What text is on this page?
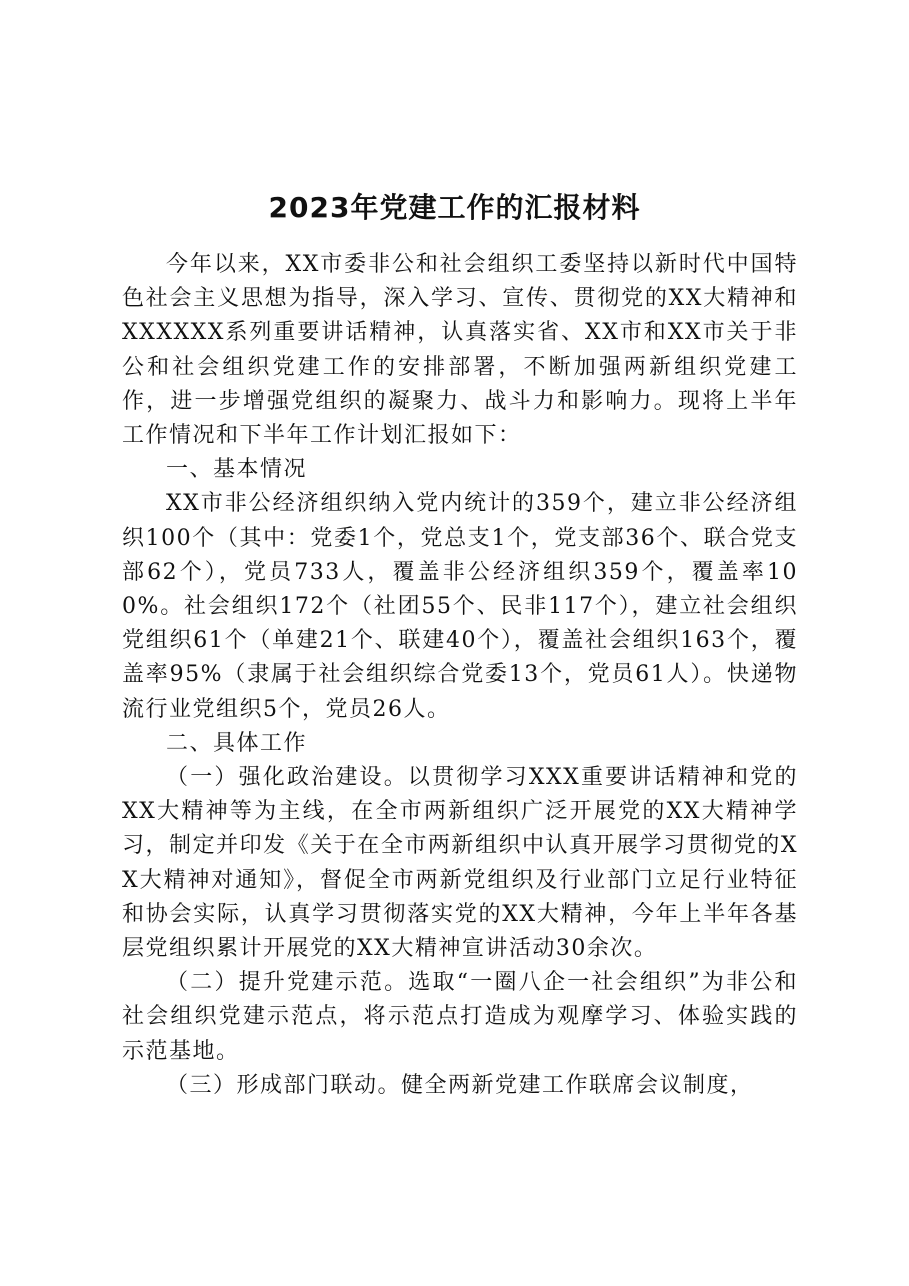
2023年党建工作的汇报材料

今年以来，XX市委非公和社会组织工委坚持以新时代中国特色社会主义思想为指导，深入学习、宣传、贯彻党的XX大精神和XXXXXX系列重要讲话精神，认真落实省、XX市和XX市关于非公和社会组织党建工作的安排部署，不断加强两新组织党建工作，进一步增强党组织的凝聚力、战斗力和影响力。现将上半年工作情况和下半年工作计划汇报如下：

一、基本情况

XX市非公经济组织纳入党内统计的359个，建立非公经济组织100个（其中：党委1个，党总支1个，党支部36个、联合党支部62个），党员733人，覆盖非公经济组织359个，覆盖率100%。社会组织172个（社团55个、民非117个），建立社会组织党组织61个（单建21个、联建40个），覆盖社会组织163个，覆盖率95%（隶属于社会组织综合党委13个，党员61人）。快递物流行业党组织5个，党员26人。

二、具体工作

（一）强化政治建设。以贯彻学习XXX重要讲话精神和党的XX大精神等为主线，在全市两新组织广泛开展党的XX大精神学习，制定并印发《关于在全市两新组织中认真开展学习贯彻党的XX大精神对通知》，督促全市两新党组织及行业部门立足行业特征和协会实际，认真学习贯彻落实党的XX大精神，今年上半年各基层党组织累计开展党的XX大精神宣讲活动30余次。

（二）提升党建示范。选取“一圈八企一社会组织”为非公和社会组织党建示范点，将示范点打造成为观摩学习、体验实践的示范基地。

（三）形成部门联动。健全两新党建工作联席会议制度，
